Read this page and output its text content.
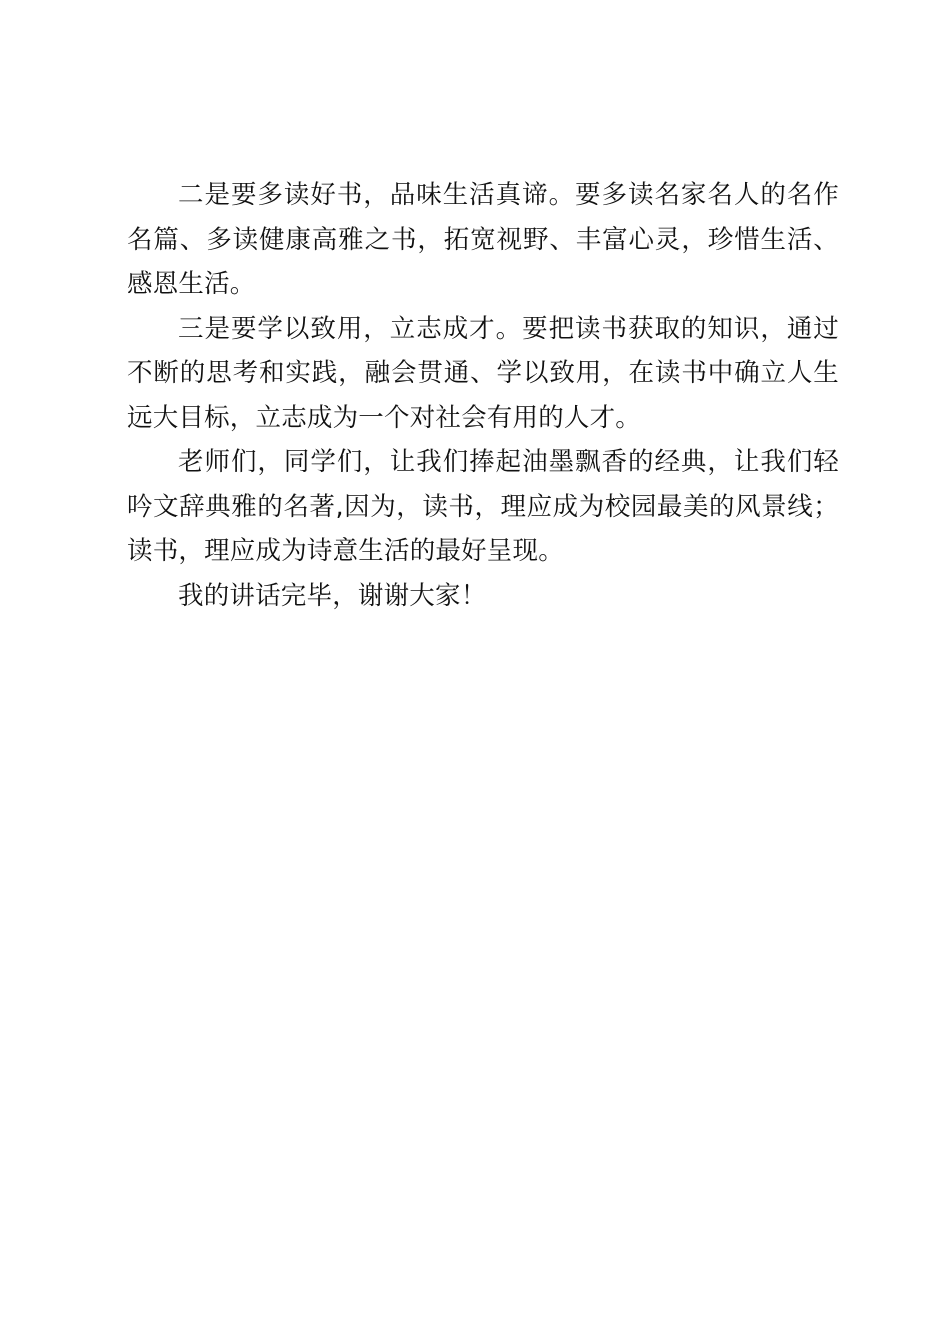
二是要多读好书，品味生活真谛。要多读名家名人的名作
名篇、多读健康高雅之书，拓宽视野、丰富心灵，珍惜生活、
感恩生活。
三是要学以致用，立志成才。要把读书获取的知识，通过
不断的思考和实践，融会贯通、学以致用，在读书中确立人生
远大目标，立志成为一个对社会有用的人才。
老师们，同学们，让我们捧起油墨飘香的经典，让我们轻
吟文辞典雅的名著,因为，读书，理应成为校园最美的风景线；
读书，理应成为诗意生活的最好呈现。
我的讲话完毕，谢谢大家！
